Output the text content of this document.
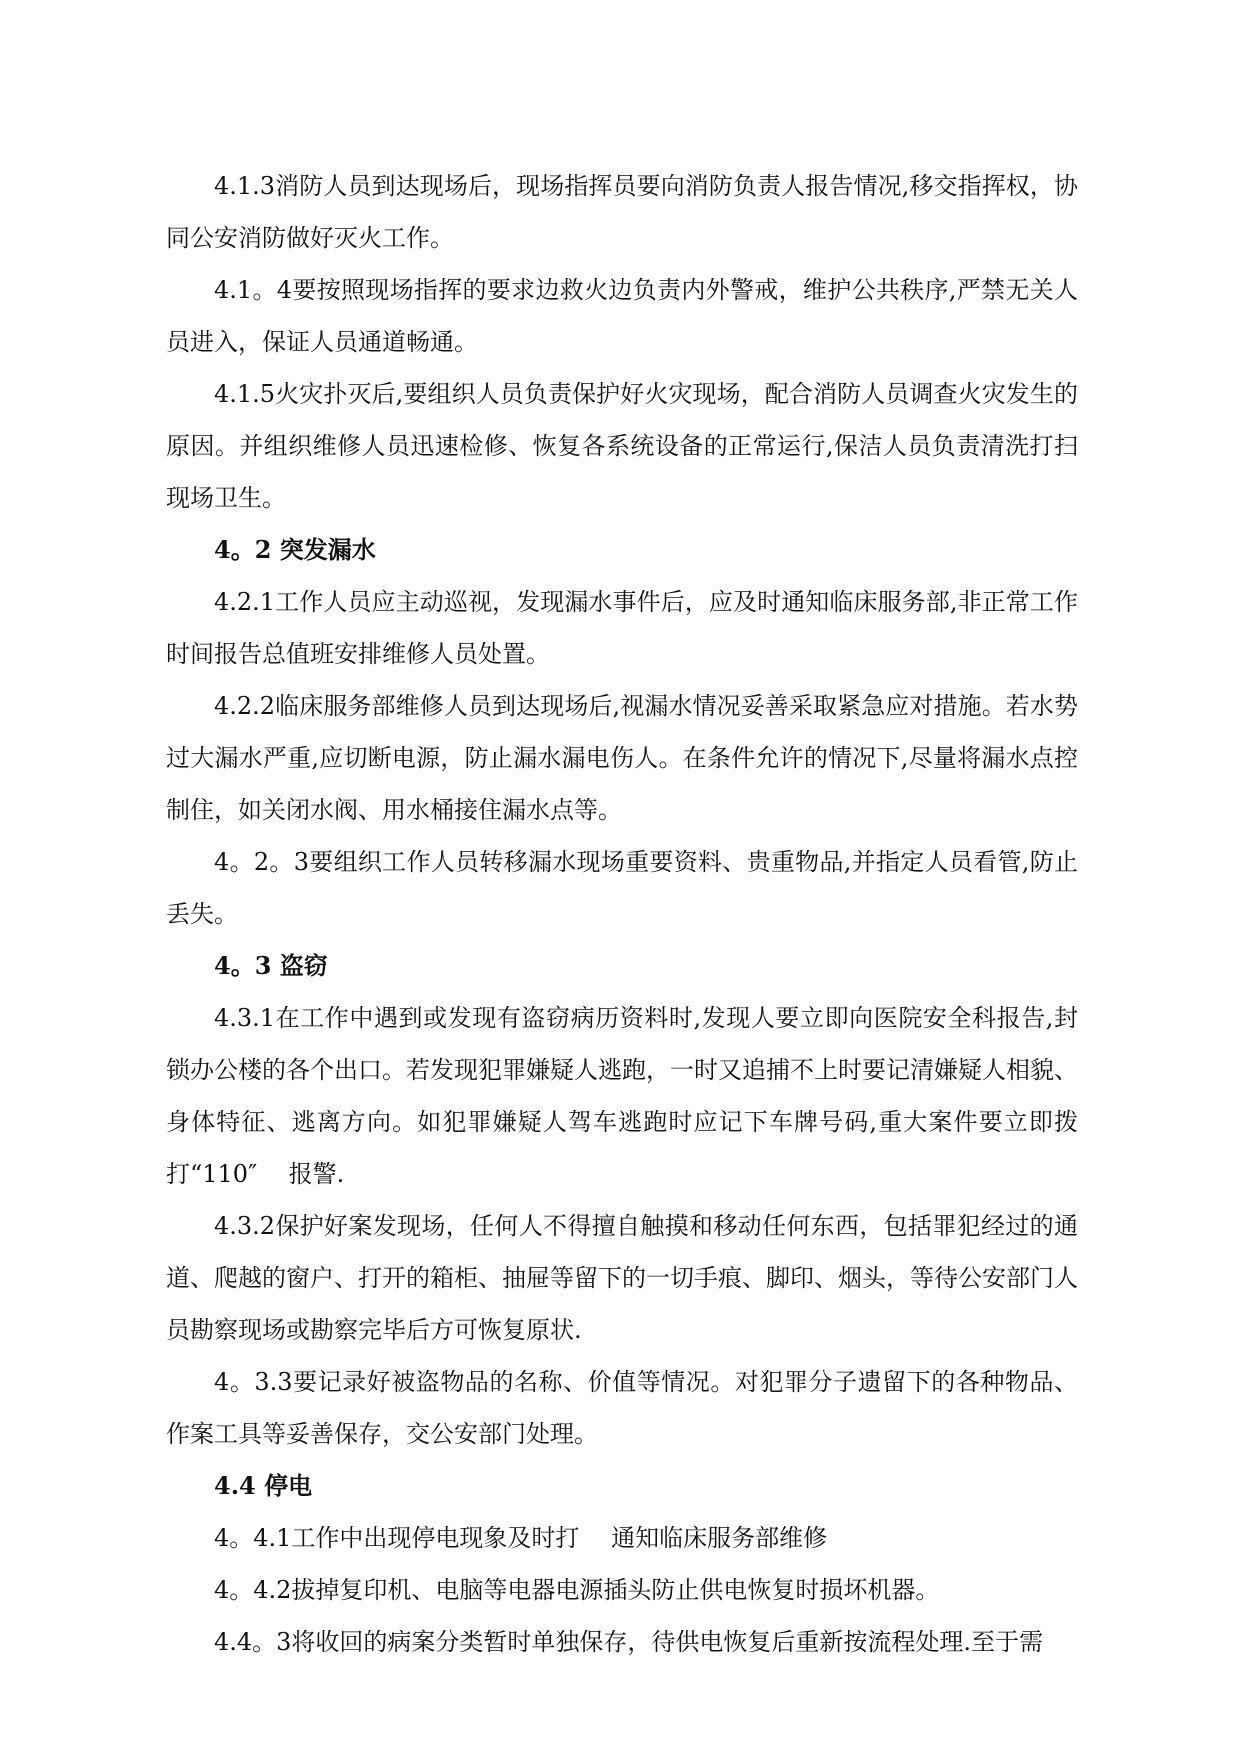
4.1.3消防人员到达现场后，现场指挥员要向消防负责人报告情况,移交指挥权，协同公安消防做好灭火工作。

4.1。4要按照现场指挥的要求边救火边负责内外警戒，维护公共秩序,严禁无关人员进入，保证人员通道畅通。

4.1.5火灾扑灭后,要组织人员负责保护好火灾现场，配合消防人员调查火灾发生的原因。并组织维修人员迅速检修、恢复各系统设备的正常运行,保洁人员负责清洗打扫现场卫生。

4。2 突发漏水

4.2.1工作人员应主动巡视，发现漏水事件后，应及时通知临床服务部,非正常工作时间报告总值班安排维修人员处置。

4.2.2临床服务部维修人员到达现场后,视漏水情况妥善采取紧急应对措施。若水势过大漏水严重,应切断电源，防止漏水漏电伤人。在条件允许的情况下,尽量将漏水点控制住，如关闭水阀、用水桶接住漏水点等。

4。2。3要组织工作人员转移漏水现场重要资料、贵重物品,并指定人员看管,防止丢失。

4。3 盗窃

4.3.1在工作中遇到或发现有盗窃病历资料时,发现人要立即向医院安全科报告,封锁办公楼的各个出口。若发现犯罪嫌疑人逃跑，一时又追捕不上时要记清嫌疑人相貌、身体特征、逃离方向。如犯罪嫌疑人驾车逃跑时应记下车牌号码,重大案件要立即拨打“110″　 报警.

4.3.2保护好案发现场，任何人不得擅自触摸和移动任何东西，包括罪犯经过的通道、爬越的窗户、打开的箱柜、抽屉等留下的一切手痕、脚印、烟头，等待公安部门人员勘察现场或勘察完毕后方可恢复原状.

4。3.3要记录好被盗物品的名称、价值等情况。对犯罪分子遗留下的各种物品、作案工具等妥善保存，交公安部门处理。

4.4 停电

4。4.1工作中出现停电现象及时打　 通知临床服务部维修

4。4.2拔掉复印机、电脑等电器电源插头防止供电恢复时损坏机器。

4.4。3将收回的病案分类暂时单独保存，待供电恢复后重新按流程处理.至于需
